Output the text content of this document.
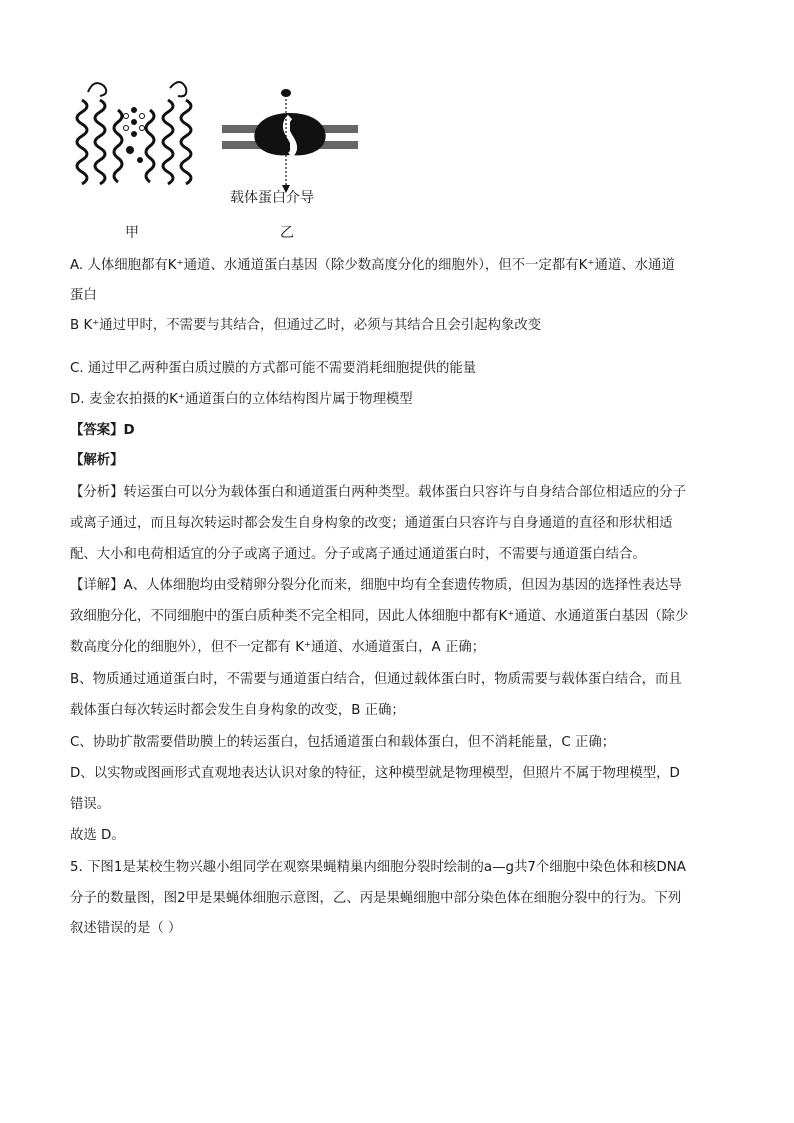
载体蛋白介导
甲	乙
A. 人体细胞都有K⁺通道、水通道蛋白基因（除少数高度分化的细胞外），但不一定都有K⁺通道、水通道
蛋白
B K⁺通过甲时，不需要与其结合，但通过乙时，必须与其结合且会引起构象改变
C. 通过甲乙两种蛋白质过膜的方式都可能不需要消耗细胞提供的能量
D. 麦金农拍摄的K⁺通道蛋白的立体结构图片属于物理模型
【答案】D
【解析】
【分析】转运蛋白可以分为载体蛋白和通道蛋白两种类型。载体蛋白只容许与自身结合部位相适应的分子
或离子通过，而且每次转运时都会发生自身构象的改变；通道蛋白只容许与自身通道的直径和形状相适
配、大小和电荷相适宜的分子或离子通过。分子或离子通过通道蛋白时，不需要与通道蛋白结合。
【详解】A、人体细胞均由受精卵分裂分化而来，细胞中均有全套遗传物质，但因为基因的选择性表达导
致细胞分化，不同细胞中的蛋白质种类不完全相同，因此人体细胞中都有K⁺通道、水通道蛋白基因（除少
数高度分化的细胞外），但不一定都有 K⁺通道、水通道蛋白，A 正确；
B、物质通过通道蛋白时，不需要与通道蛋白结合，但通过载体蛋白时，物质需要与载体蛋白结合，而且
载体蛋白每次转运时都会发生自身构象的改变，B 正确；
C、协助扩散需要借助膜上的转运蛋白，包括通道蛋白和载体蛋白，但不消耗能量，C 正确；
D、以实物或图画形式直观地表达认识对象的特征，这种模型就是物理模型，但照片不属于物理模型，D
错误。
故选 D。
5. 下图1是某校生物兴趣小组同学在观察果蝇精巢内细胞分裂时绘制的a—g共7个细胞中染色体和核DNA
分子的数量图，图2甲是果蝇体细胞示意图，乙、丙是果蝇细胞中部分染色体在细胞分裂中的行为。下列
叙述错误的是（ ）
